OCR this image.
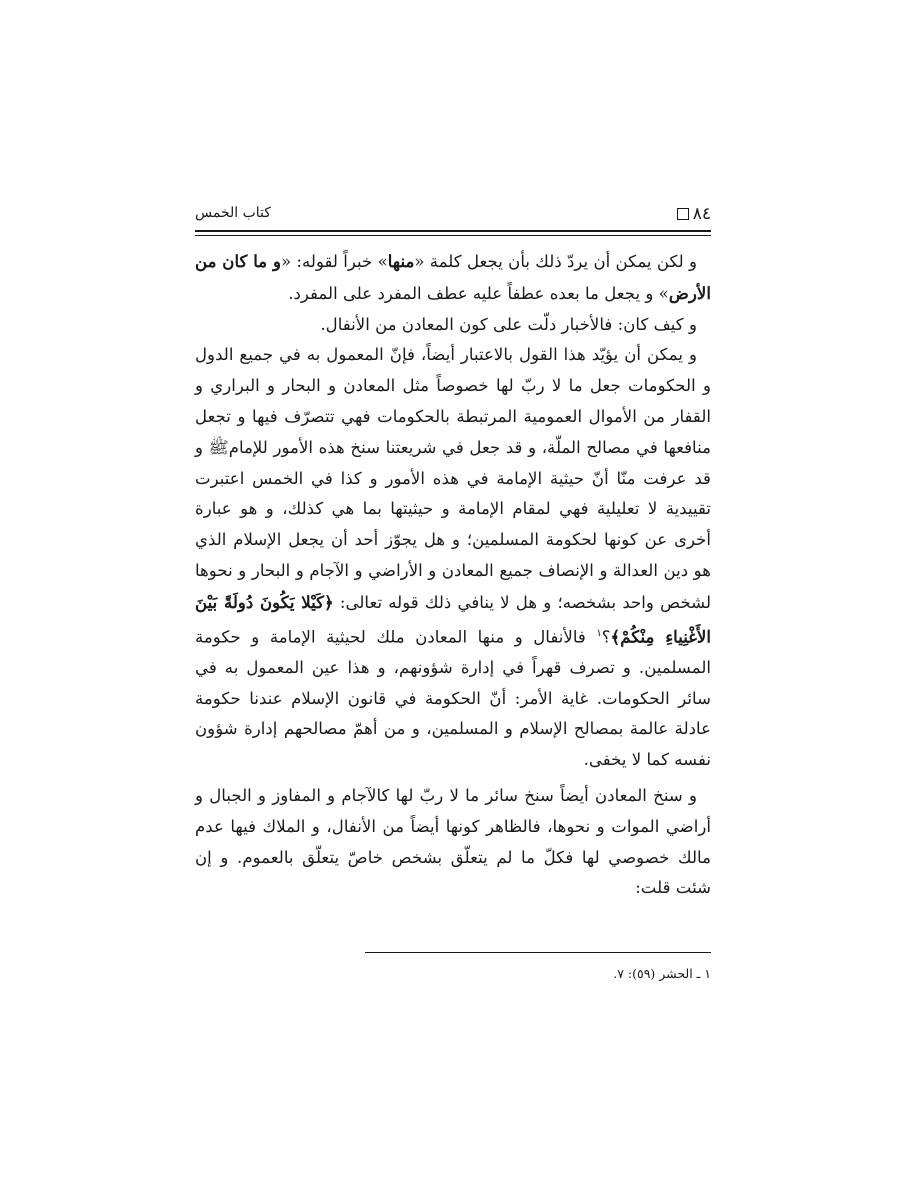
٨٤
كتاب الخمس

و لكن يمكن أن يردّ ذلك بأن يجعل كلمة «منها» خبراً لقوله: «و ما كان من الأرض» و يجعل ما بعده عطفاً عليه عطف المفرد على المفرد.

و كيف كان: فالأخبار دلّت على كون المعادن من الأنفال.

و يمكن أن يؤيّد هذا القول بالاعتبار أيضاً، فإنّ المعمول به في جميع الدول و الحكومات جعل ما لا ربّ لها خصوصاً مثل المعادن و البحار و البراري و القفار من الأموال العمومية المرتبطة بالحكومات فهي تتصرّف فيها و تجعل منافعها في مصالح الملّة، و قد جعل في شريعتنا سنخ هذه الأمور للإمامﷺ و قد عرفت منّا أنّ حيثية الإمامة في هذه الأمور و كذا في الخمس اعتبرت تقييدية لا تعليلية فهي لمقام الإمامة و حيثيتها بما هي كذلك، و هو عبارة أخرى عن كونها لحكومة المسلمين؛ و هل يجوّز أحد أن يجعل الإسلام الذي هو دين العدالة و الإنصاف جميع المعادن و الأراضي و الآجام و البحار و نحوها لشخص واحد بشخصه؛ و هل لا ينافي ذلك قوله تعالى: ﴿كَيْلا يَكُونَ دُولَةً بَيْنَ الأَغْنِياءِ مِنْكُمْ﴾؟$^١$ فالأنفال و منها المعادن ملك لحيثية الإمامة و حكومة المسلمين. و تصرف قهراً في إدارة شؤونهم، و هذا عين المعمول به في سائر الحكومات. غاية الأمر: أنّ الحكومة في قانون الإسلام عندنا حكومة عادلة عالمة بمصالح الإسلام و المسلمين، و من أهمّ مصالحهم إدارة شؤون نفسه كما لا يخفى.

و سنخ المعادن أيضاً سنخ سائر ما لا ربّ لها كالآجام و المفاوز و الجبال و أراضي الموات و نحوها، فالظاهر كونها أيضاً من الأنفال، و الملاك فيها عدم مالك خصوصي لها فكلّ ما لم يتعلّق بشخص خاصّ يتعلّق بالعموم. و إن شئت قلت:

١ ـ الحشر (٥٩): ٧.
